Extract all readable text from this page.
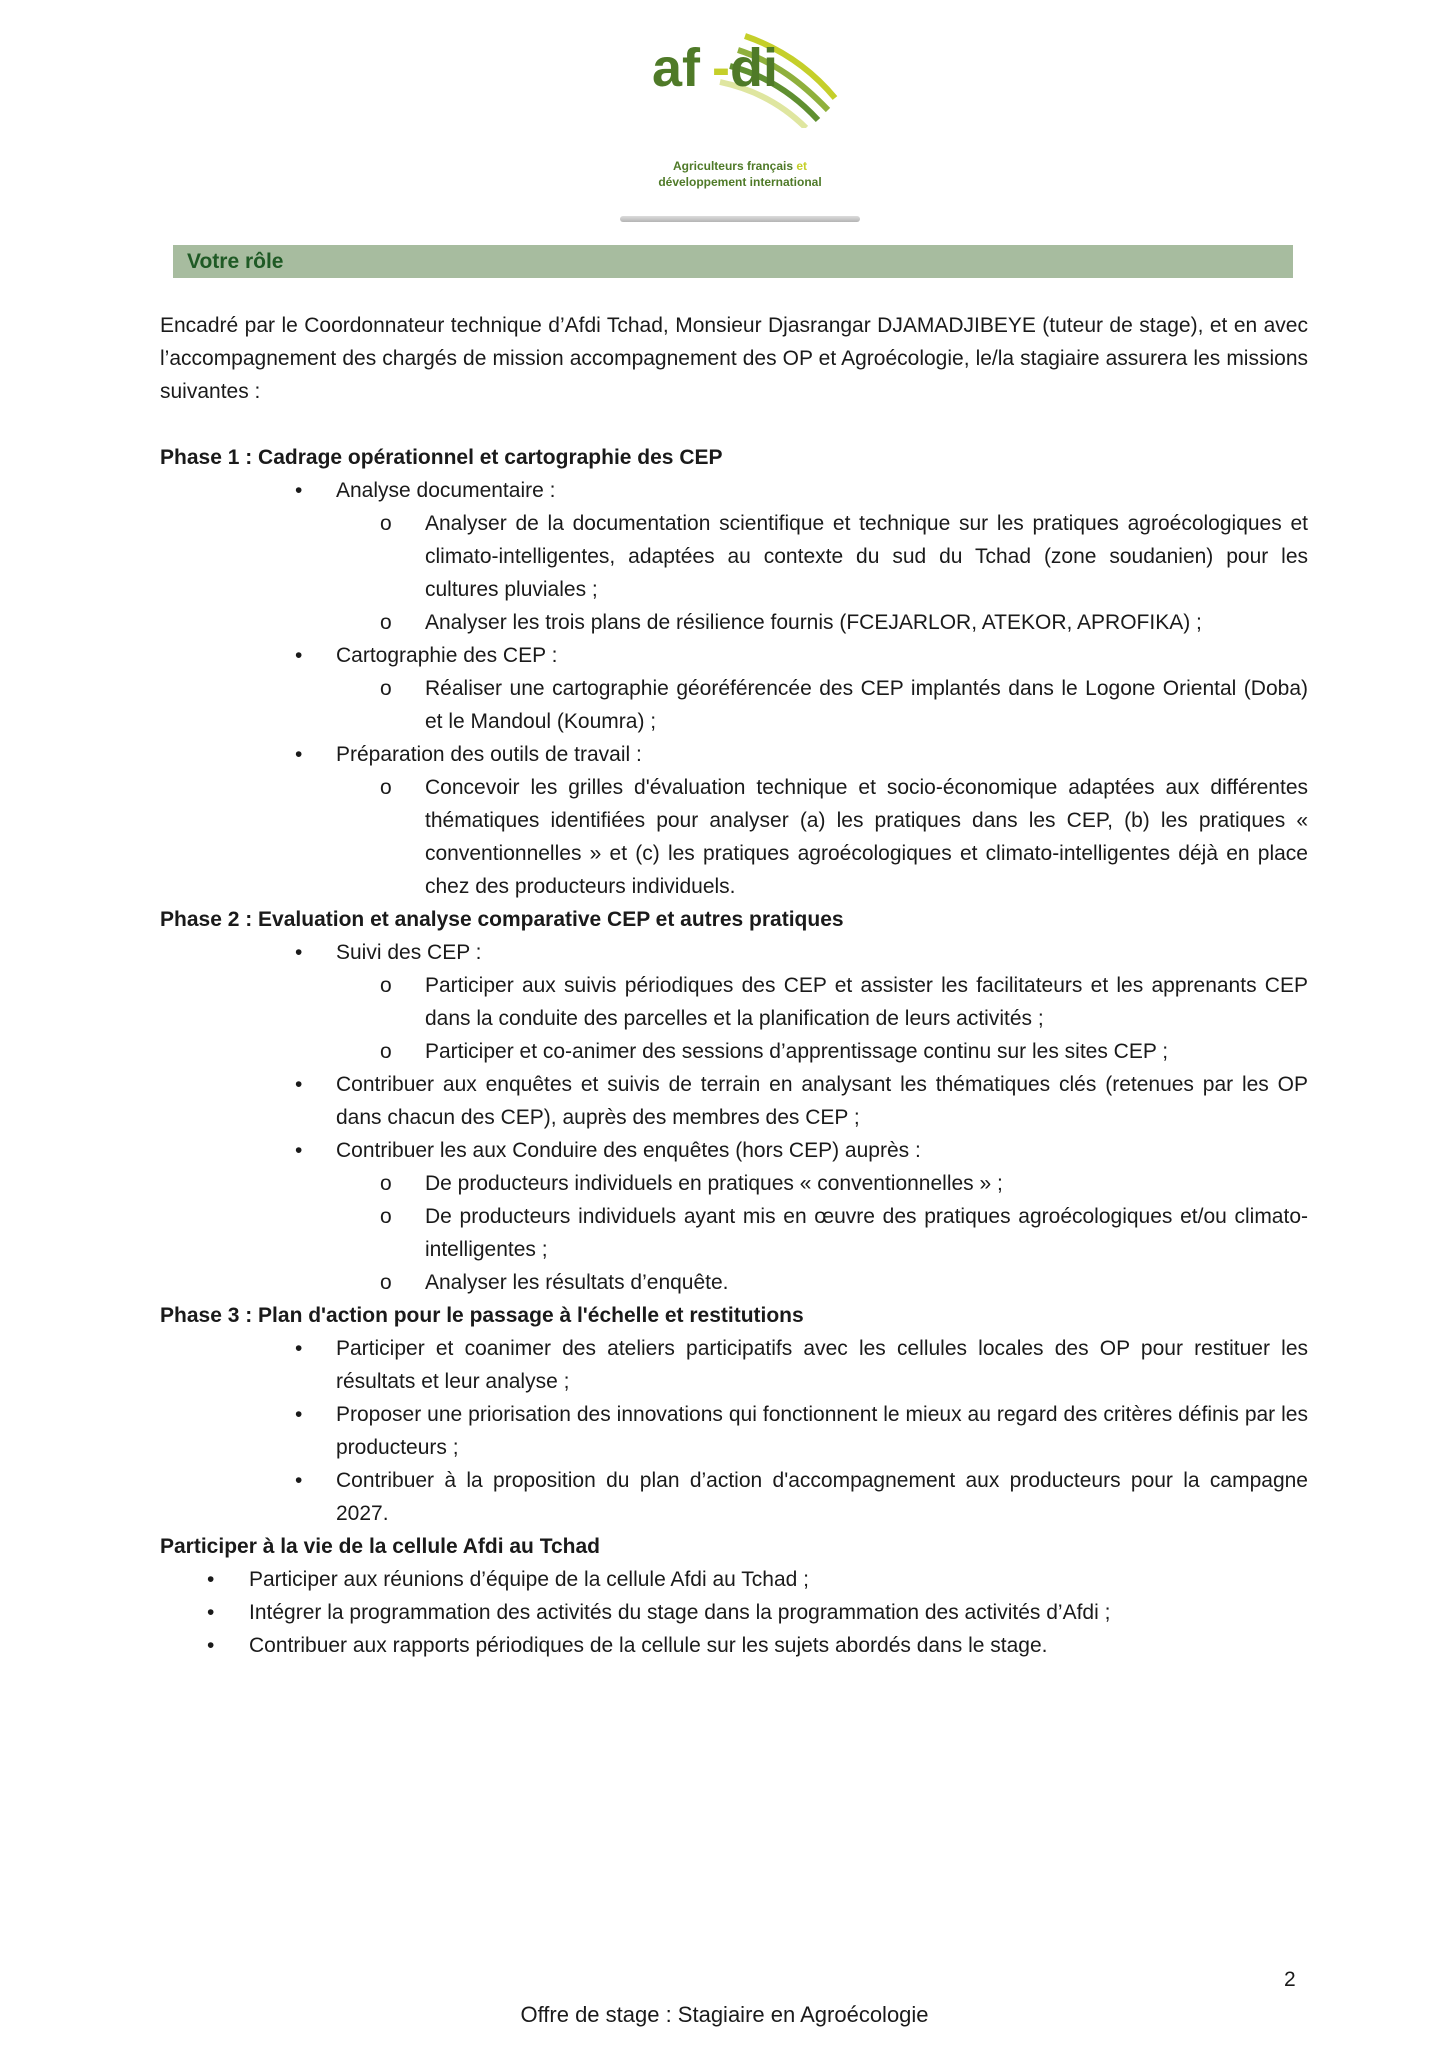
af - di
Agriculteurs français et
développement international
Votre rôle

Encadré par le Coordonnateur technique d’Afdi Tchad, Monsieur Djasrangar DJAMADJIBEYE (tuteur de stage), et en avec l’accompagnement des chargés de mission accompagnement des OP et Agroécologie, le/la stagiaire assurera les missions suivantes :

Phase 1 : Cadrage opérationnel et cartographie des CEP

• Analyse documentaire :
o Analyser de la documentation scientifique et technique sur les pratiques agroécologiques et climato-intelligentes, adaptées au contexte du sud du Tchad (zone soudanien) pour les cultures pluviales ;
o Analyser les trois plans de résilience fournis (FCEJARLOR, ATEKOR, APROFIKA) ;
• Cartographie des CEP :
o Réaliser une cartographie géoréférencée des CEP implantés dans le Logone Oriental (Doba) et le Mandoul (Koumra) ;
• Préparation des outils de travail :
o Concevoir les grilles d'évaluation technique et socio-économique adaptées aux différentes thématiques identifiées pour analyser (a) les pratiques dans les CEP, (b) les pratiques « conventionnelles » et (c) les pratiques agroécologiques et climato-intelligentes déjà en place chez des producteurs individuels.

Phase 2 : Evaluation et analyse comparative CEP et autres pratiques

• Suivi des CEP :
o Participer aux suivis périodiques des CEP et assister les facilitateurs et les apprenants CEP dans la conduite des parcelles et la planification de leurs activités ;
o Participer et co-animer des sessions d’apprentissage continu sur les sites CEP ;
• Contribuer aux enquêtes et suivis de terrain en analysant les thématiques clés (retenues par les OP dans chacun des CEP), auprès des membres des CEP ;
• Contribuer les aux Conduire des enquêtes (hors CEP) auprès :
o De producteurs individuels en pratiques « conventionnelles » ;
o De producteurs individuels ayant mis en œuvre des pratiques agroécologiques et/ou climato-intelligentes ;
o Analyser les résultats d’enquête.

Phase 3 : Plan d'action pour le passage à l'échelle et restitutions

• Participer et coanimer des ateliers participatifs avec les cellules locales des OP pour restituer les résultats et leur analyse ;
• Proposer une priorisation des innovations qui fonctionnent le mieux au regard des critères définis par les producteurs ;
• Contribuer à la proposition du plan d’action d'accompagnement aux producteurs pour la campagne 2027.

Participer à la vie de la cellule Afdi au Tchad

• Participer aux réunions d’équipe de la cellule Afdi au Tchad ;
• Intégrer la programmation des activités du stage dans la programmation des activités d’Afdi ;
• Contribuer aux rapports périodiques de la cellule sur les sujets abordés dans le stage.
2
Offre de stage : Stagiaire en Agroécologie
